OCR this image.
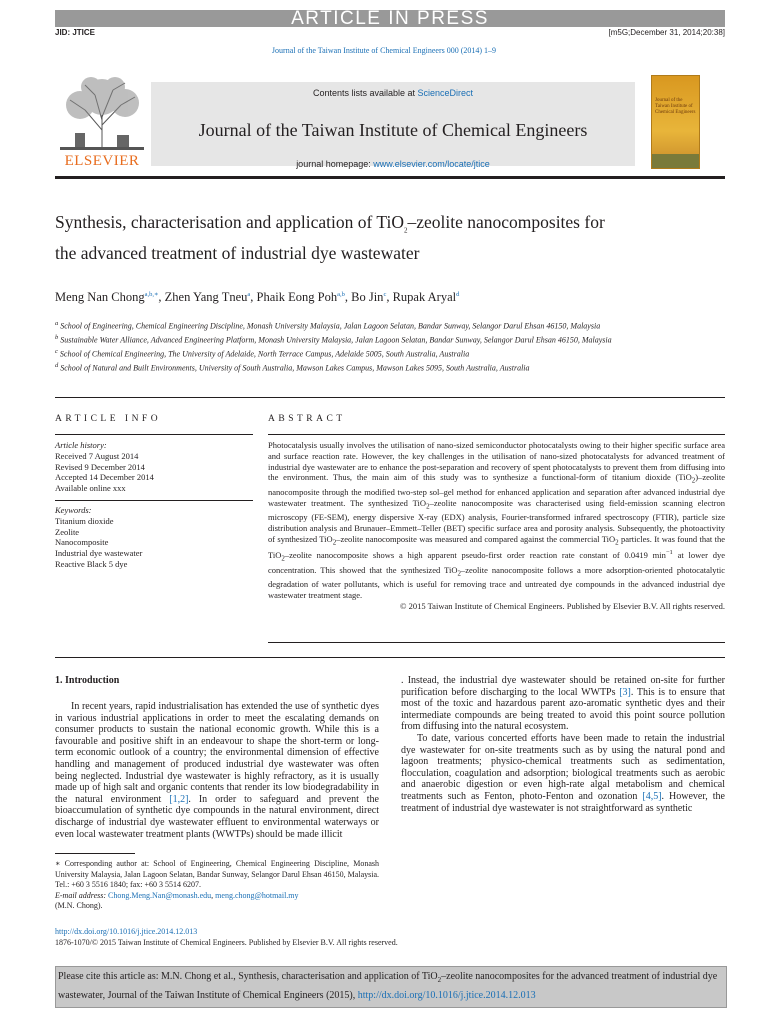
ARTICLE IN PRESS
JID: JTICE	[m5G;December 31, 2014;20:38]
Journal of the Taiwan Institute of Chemical Engineers 000 (2014) 1–9
ELSEVIER
Contents lists available at ScienceDirect
Journal of the Taiwan Institute of Chemical Engineers
journal homepage: www.elsevier.com/locate/jtice
Journal of the Taiwan Institute of Chemical Engineers
Synthesis, characterisation and application of TiO$_2$–zeolite nanocomposites for the advanced treatment of industrial dye wastewater
Meng Nan Chong$^{a,b,∗}$, Zhen Yang Tneu$^a$, Phaik Eong Poh$^{a,b}$, Bo Jin$^c$, Rupak Aryal$^d$
$^a$ School of Engineering, Chemical Engineering Discipline, Monash University Malaysia, Jalan Lagoon Selatan, Bandar Sunway, Selangor Darul Ehsan 46150, Malaysia
$^b$ Sustainable Water Alliance, Advanced Engineering Platform, Monash University Malaysia, Jalan Lagoon Selatan, Bandar Sunway, Selangor Darul Ehsan 46150, Malaysia
$^c$ School of Chemical Engineering, The University of Adelaide, North Terrace Campus, Adelaide 5005, South Australia, Australia
$^d$ School of Natural and Built Environments, University of South Australia, Mawson Lakes Campus, Mawson Lakes 5095, South Australia, Australia
ARTICLE INFO
Article history:
Received 7 August 2014
Revised 9 December 2014
Accepted 14 December 2014
Available online xxx
Keywords:
Titanium dioxide
Zeolite
Nanocomposite
Industrial dye wastewater
Reactive Black 5 dye
ABSTRACT
Photocatalysis usually involves the utilisation of nano-sized semiconductor photocatalysts owing to their higher specific surface area and surface reaction rate. However, the key challenges in the utilisation of nano-sized photocatalysts for advanced treatment of industrial dye wastewater are to enhance the post-separation and recovery of spent photocatalysts to prevent them from diffusing into the environment. Thus, the main aim of this study was to synthesize a functional-form of titanium dioxide (TiO$_2$)–zeolite nanocomposite through the modified two-step sol–gel method for enhanced application and separation after advanced industrial dye wastewater treatment. The synthesized TiO$_2$–zeolite nanocomposite was characterised using field-emission scanning electron microscopy (FE-SEM), energy dispersive X-ray (EDX) analysis, Fourier-transformed infrared spectroscopy (FTIR), particle size distribution analysis and Brunauer–Emmett–Teller (BET) specific surface area and porosity analysis. Subsequently, the photoactivity of synthesized TiO$_2$–zeolite nanocomposite was measured and compared against the commercial TiO$_2$ particles. It was found that the TiO$_2$–zeolite nanocomposite shows a high apparent pseudo-first order reaction rate constant of 0.0419 $\min^{-1}$ at lower dye concentration. This showed that the synthesized TiO$_2$–zeolite nanocomposite follows a more adsorption-oriented photocatalytic degradation of water pollutants, which is useful for removing trace and untreated dye compounds in the advanced industrial dye wastewater treatment stage.
© 2015 Taiwan Institute of Chemical Engineers. Published by Elsevier B.V. All rights reserved.
1. Introduction

In recent years, rapid industrialisation has extended the use of synthetic dyes in various industrial applications in order to meet the escalating demands on consumer products to sustain the national economic growth. While this is a favourable and positive shift in an endeavour to shape the short-term or long-term economic outlook of a country; the environmental dimension of effective handling and management of produced industrial dye wastewater was often being neglected. Industrial dye wastewater is highly refractory, as it is usually made up of high salt and organic contents that render its low biodegradability in the natural environment [1,2]. In order to safeguard and prevent the bioaccumulation of synthetic dye compounds in the natural environment, direct discharge of industrial dye wastewater effluent to environmental waterways or even local wastewater treatment plants (WWTPs) should be made illicit

. Instead, the industrial dye wastewater should be retained on-site for further purification before discharging to the local WWTPs [3]. This is to ensure that most of the toxic and hazardous parent azo-aromatic synthetic dyes and their intermediate compounds are being treated to avoid this point source pollution from diffusing into the natural ecosystem.

To date, various concerted efforts have been made to retain the industrial dye wastewater for on-site treatments such as by using the natural pond and lagoon treatments; physico-chemical treatments such as sedimentation, flocculation, coagulation and adsorption; biological treatments such as aerobic and anaerobic digestion or even high-rate algal metabolism and chemical treatments such as Fenton, photo-Fenton and ozonation [4,5]. However, the treatment of industrial dye wastewater is not straightforward as synthetic

∗ Corresponding author at: School of Engineering, Chemical Engineering Discipline, Monash University Malaysia, Jalan Lagoon Selatan, Bandar Sunway, Selangor Darul Ehsan 46150, Malaysia. Tel.: +60 3 5516 1840; fax: +60 3 5514 6207.
E-mail address: Chong.Meng.Nan@monash.edu, meng.chong@hotmail.my
(M.N. Chong).
http://dx.doi.org/10.1016/j.jtice.2014.12.013
1876-1070/© 2015 Taiwan Institute of Chemical Engineers. Published by Elsevier B.V. All rights reserved.
Please cite this article as: M.N. Chong et al., Synthesis, characterisation and application of TiO$_2$–zeolite nanocomposites for the advanced treatment of industrial dye wastewater, Journal of the Taiwan Institute of Chemical Engineers (2015), http://dx.doi.org/10.1016/j.jtice.2014.12.013
